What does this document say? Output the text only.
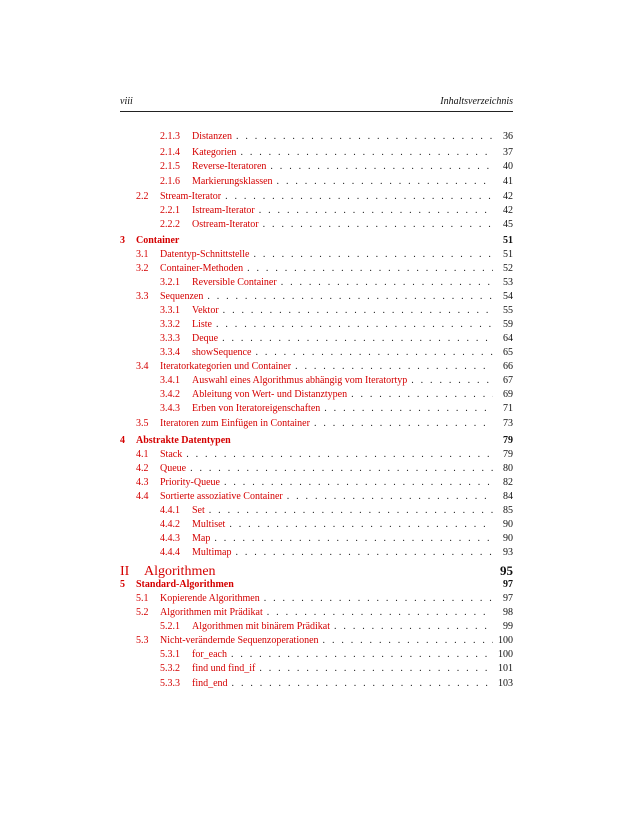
viii	Inhaltsverzeichnis
2.1.3	Distanzen . . .	36
2.1.4	Kategorien . . .	37
2.1.5	Reverse-Iteratoren . . .	40
2.1.6	Markierungsklassen . . .	41
2.2	Stream-Iterator . . .	42
2.2.1	Istream-Iterator . . .	42
2.2.2	Ostream-Iterator . . .	45
3	Container	51
3.1	Datentyp-Schnittstelle . . .	51
3.2	Container-Methoden . . .	52
3.2.1	Reversible Container . . .	53
3.3	Sequenzen . . .	54
3.3.1	Vektor . . .	55
3.3.2	Liste . . .	59
3.3.3	Deque . . .	64
3.3.4	showSequence . . .	65
3.4	Iteratorkategorien und Container . . .	66
3.4.1	Auswahl eines Algorithmus abhängig vom Iteratortyp . . .	67
3.4.2	Ableitung von Wert- und Distanztypen . . .	69
3.4.3	Erben von Iteratoreigenschaften . . .	71
3.5	Iteratoren zum Einfügen in Container . . .	73
4	Abstrakte Datentypen	79
4.1	Stack . . .	79
4.2	Queue . . .	80
4.3	Priority-Queue . . .	82
4.4	Sortierte assoziative Container . . .	84
4.4.1	Set . . .	85
4.4.2	Multiset . . .	90
4.4.3	Map . . .	90
4.4.4	Multimap . . .	93
II	Algorithmen	95
5	Standard-Algorithmen	97
5.1	Kopierende Algorithmen . . .	97
5.2	Algorithmen mit Prädikat . . .	98
5.2.1	Algorithmen mit binärem Prädikat . . .	99
5.3	Nicht-verändernde Sequenzoperationen . . .	100
5.3.1	for_each . . .	100
5.3.2	find und find_if . . .	101
5.3.3	find_end . . .	103
